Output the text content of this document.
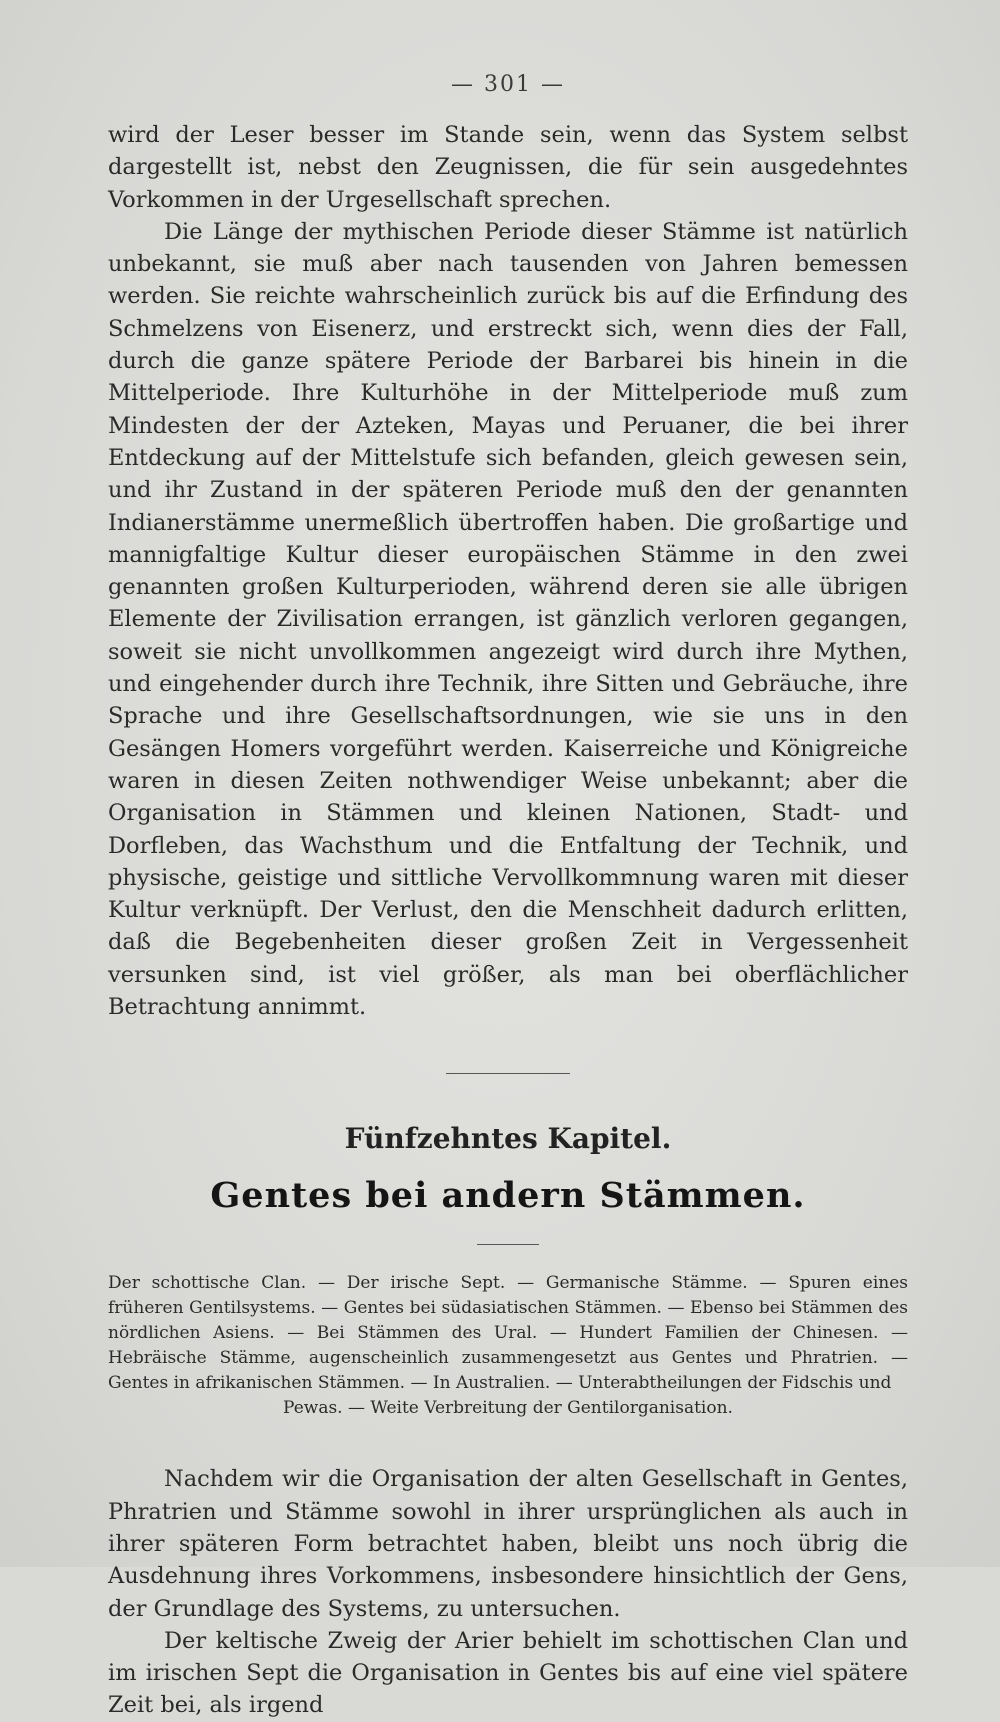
— 301 —

wird der Leser besser im Stande sein, wenn das System selbst dargestellt ist, nebst den Zeugnissen, die für sein ausgedehntes Vorkommen in der Urgesellschaft sprechen.

Die Länge der mythischen Periode dieser Stämme ist natürlich unbekannt, sie muß aber nach tausenden von Jahren bemessen werden. Sie reichte wahrscheinlich zurück bis auf die Erfindung des Schmelzens von Eisenerz, und erstreckt sich, wenn dies der Fall, durch die ganze spätere Periode der Barbarei bis hinein in die Mittelperiode. Ihre Kulturhöhe in der Mittelperiode muß zum Mindesten der der Azteken, Mayas und Peruaner, die bei ihrer Entdeckung auf der Mittelstufe sich befanden, gleich gewesen sein, und ihr Zustand in der späteren Periode muß den der genannten Indianerstämme unermeßlich übertroffen haben. Die großartige und mannigfaltige Kultur dieser europäischen Stämme in den zwei genannten großen Kulturperioden, während deren sie alle übrigen Elemente der Zivilisation errangen, ist gänzlich verloren gegangen, soweit sie nicht unvollkommen angezeigt wird durch ihre Mythen, und eingehender durch ihre Technik, ihre Sitten und Gebräuche, ihre Sprache und ihre Gesellschaftsordnungen, wie sie uns in den Gesängen Homers vorgeführt werden. Kaiserreiche und Königreiche waren in diesen Zeiten nothwendiger Weise unbekannt; aber die Organisation in Stämmen und kleinen Nationen, Stadt- und Dorfleben, das Wachsthum und die Entfaltung der Technik, und physische, geistige und sittliche Vervollkommnung waren mit dieser Kultur verknüpft. Der Verlust, den die Menschheit dadurch erlitten, daß die Begebenheiten dieser großen Zeit in Vergessenheit versunken sind, ist viel größer, als man bei oberflächlicher Betrachtung annimmt.

Fünfzehntes Kapitel.
Gentes bei andern Stämmen.

Der schottische Clan. — Der irische Sept. — Germanische Stämme. — Spuren eines früheren Gentilsystems. — Gentes bei südasiatischen Stämmen. — Ebenso bei Stämmen des nördlichen Asiens. — Bei Stämmen des Ural. — Hundert Familien der Chinesen. — Hebräische Stämme, augenscheinlich zusammengesetzt aus Gentes und Phratrien. — Gentes in afrikanischen Stämmen. — In Australien. — Unterabtheilungen der Fidschis und

Pewas. — Weite Verbreitung der Gentilorganisation.

Nachdem wir die Organisation der alten Gesellschaft in Gentes, Phratrien und Stämme sowohl in ihrer ursprünglichen als auch in ihrer späteren Form betrachtet haben, bleibt uns noch übrig die Ausdehnung ihres Vorkommens, insbesondere hinsichtlich der Gens, der Grundlage des Systems, zu untersuchen.

Der keltische Zweig der Arier behielt im schottischen Clan und im irischen Sept die Organisation in Gentes bis auf eine viel spätere Zeit bei, als irgend
